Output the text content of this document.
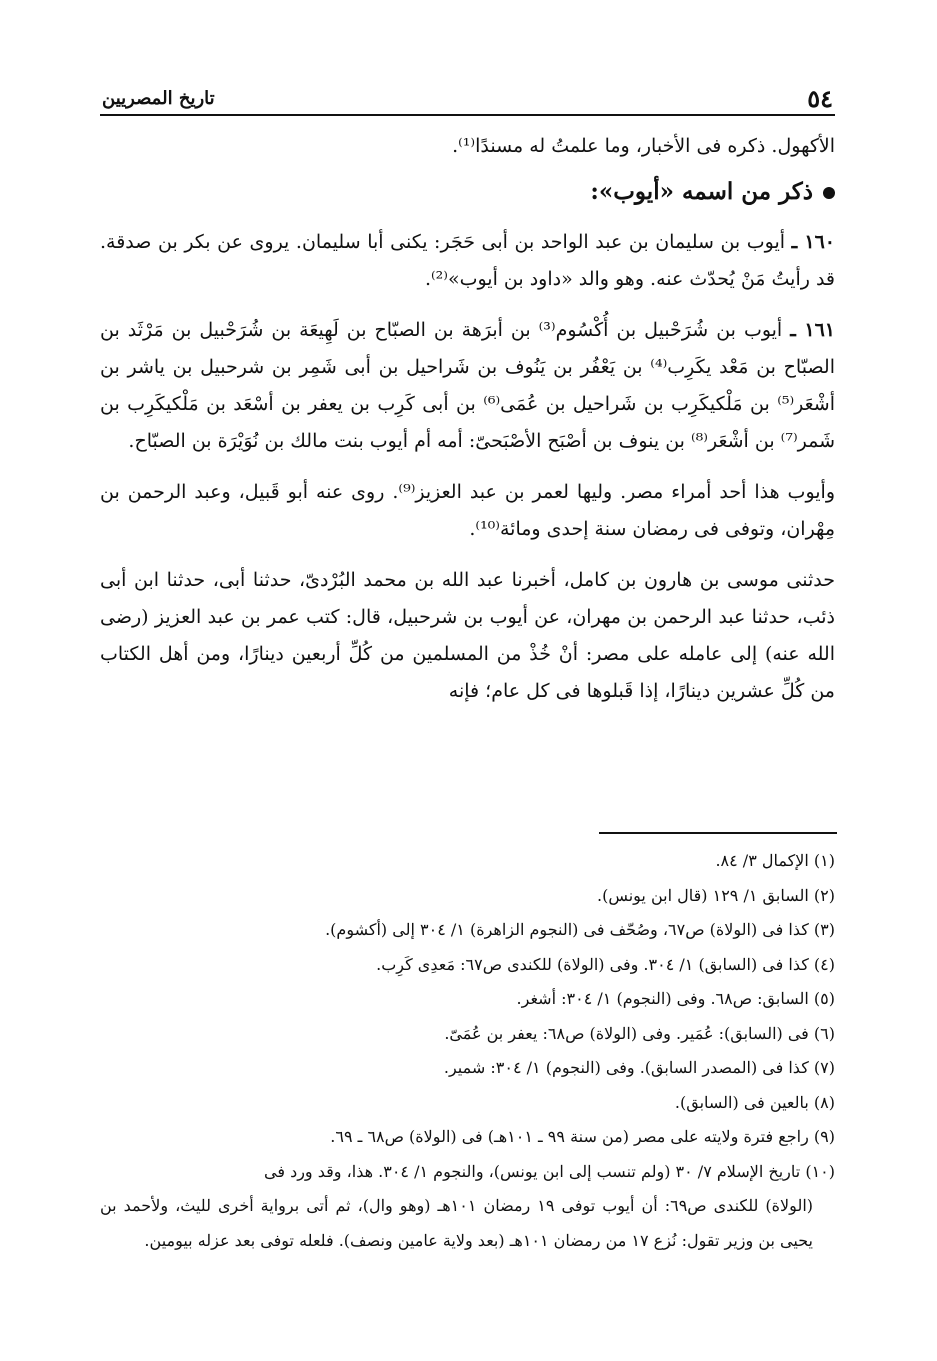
٥٤
تاريخ المصريين

الأكهول. ذكره فى الأخبار، وما علمتُ له مسندًا⁽¹⁾.

ذكر من اسمه «أيوب»:

١٦٠ ـ أيوب بن سليمان بن عبد الواحد بن أبى حَجَر: يكنى أبا سليمان. يروى عن بكر بن صدقة. قد رأيتُ مَنْ يُحدّث عنه. وهو والد «داود بن أيوب»⁽²⁾.

١٦١ ـ أيوب بن شُرَحْبيل بن أُكْسُوم⁽³⁾ بن أبرَهة بن الصبّاح بن لَهِيعَة بن شُرَحْبيل بن مَرْثَد بن الصبّاح بن مَعْد يكَرِب⁽⁴⁾ بن يَعْفُر بن يَنُوف بن شَراحيل بن أبى شَمِر بن شرحبيل بن ياشر بن أشْعَر⁽⁵⁾ بن مَلْكيكَرِب بن شَراحيل بن عُمَى⁽⁶⁾ بن أبى كَرِب بن يعفر بن أسْعَد بن مَلْكيكَرِب بن شَمر⁽⁷⁾ بن أشْعَر⁽⁸⁾ بن ينوف بن أصْبَح الأصْبَحىّ: أمه أم أيوب بنت مالك بن نُوَيْرَة بن الصبّاح.

وأيوب هذا أحد أمراء مصر. وليها لعمر بن عبد العزيز⁽⁹⁾. روى عنه أبو قَبيل، وعبد الرحمن بن مِهْران، وتوفى فى رمضان سنة إحدى ومائة⁽¹⁰⁾.

حدثنى موسى بن هارون بن كامل، أخبرنا عبد الله بن محمد البُرْدىّ، حدثنا أبى، حدثنا ابن أبى ذئب، حدثنا عبد الرحمن بن مهران، عن أيوب بن شرحبيل، قال: كتب عمر بن عبد العزيز (رضى الله عنه) إلى عامله على مصر: أنْ خُذْ من المسلمين من كُلِّ أربعين دينارًا، ومن أهل الكتاب من كُلِّ عشرين دينارًا، إذا قَبلوها فى كل عام؛ فإنه

(١) الإكمال ٣/ ٨٤.

(٢) السابق ١/ ١٢٩ (قال ابن يونس).

(٣) كذا فى (الولاة) ص٦٧، وصُحّف فى (النجوم الزاهرة) ١/ ٣٠٤ إلى (أكشوم).

(٤) كذا فى (السابق) ١/ ٣٠٤. وفى (الولاة) للكندى ص٦٧: مَعدِى كَرِب.

(٥) السابق: ص٦٨. وفى (النجوم) ١/ ٣٠٤: أشغر.

(٦) فى (السابق): عُمَير. وفى (الولاة) ص٦٨: يعفر بن عُمَىّ.

(٧) كذا فى (المصدر السابق). وفى (النجوم) ١/ ٣٠٤: شمير.

(٨) بالعين فى (السابق).

(٩) راجع فترة ولايته على مصر (من سنة ٩٩ ـ ١٠١هـ) فى (الولاة) ص٦٨ ـ ٦٩.

(١٠) تاريخ الإسلام ٧/ ٣٠ (ولم تنسب إلى ابن يونس)، والنجوم ١/ ٣٠٤. هذا، وقد ورد فى
(الولاة) للكندى ص٦٩: أن أيوب توفى ١٩ رمضان ١٠١هـ (وهو وال)، ثم أتى برواية أخرى لليث، ولأحمد بن يحيى بن وزير تقول: نُزع ١٧ من رمضان ١٠١هـ (بعد ولاية عامين ونصف). فلعله توفى بعد عزله بيومين.
